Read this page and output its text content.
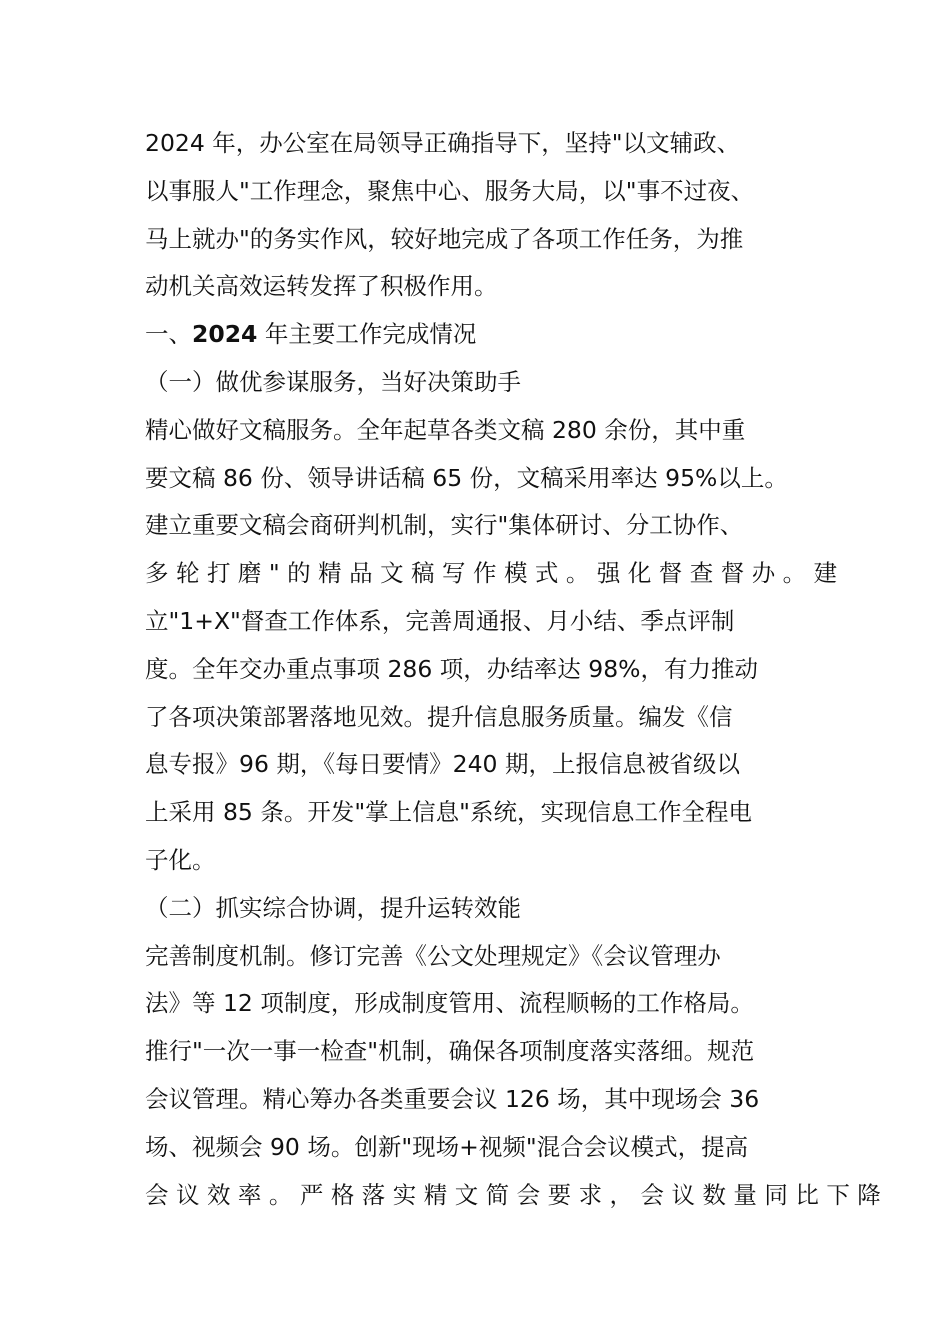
2024 年，办公室在局领导正确指导下，坚持"以文辅政、
以事服人"工作理念，聚焦中心、服务大局，以"事不过夜、
马上就办"的务实作风，较好地完成了各项工作任务，为推
动机关高效运转发挥了积极作用。
一、2024 年主要工作完成情况
（一）做优参谋服务，当好决策助手
精心做好文稿服务。全年起草各类文稿 280 余份，其中重
要文稿 86 份、领导讲话稿 65 份，文稿采用率达 95%以上。
建立重要文稿会商研判机制，实行"集体研讨、分工协作、
多 轮 打 磨 " 的 精 品 文 稿 写 作 模 式 。 强 化 督 查 督 办 。 建
立"1+X"督查工作体系，完善周通报、月小结、季点评制
度。全年交办重点事项 286 项，办结率达 98%，有力推动
了各项决策部署落地见效。提升信息服务质量。编发《信
息专报》96 期，《每日要情》240 期，上报信息被省级以
上采用 85 条。开发"掌上信息"系统，实现信息工作全程电
子化。
（二）抓实综合协调，提升运转效能
完善制度机制。修订完善《公文处理规定》《会议管理办
法》等 12 项制度，形成制度管用、流程顺畅的工作格局。
推行"一次一事一检查"机制，确保各项制度落实落细。规范
会议管理。精心筹办各类重要会议 126 场，其中现场会 36
场、视频会 90 场。创新"现场+视频"混合会议模式，提高
会 议 效 率 。 严 格 落 实 精 文 简 会 要 求 ， 会 议 数 量 同 比 下 降
